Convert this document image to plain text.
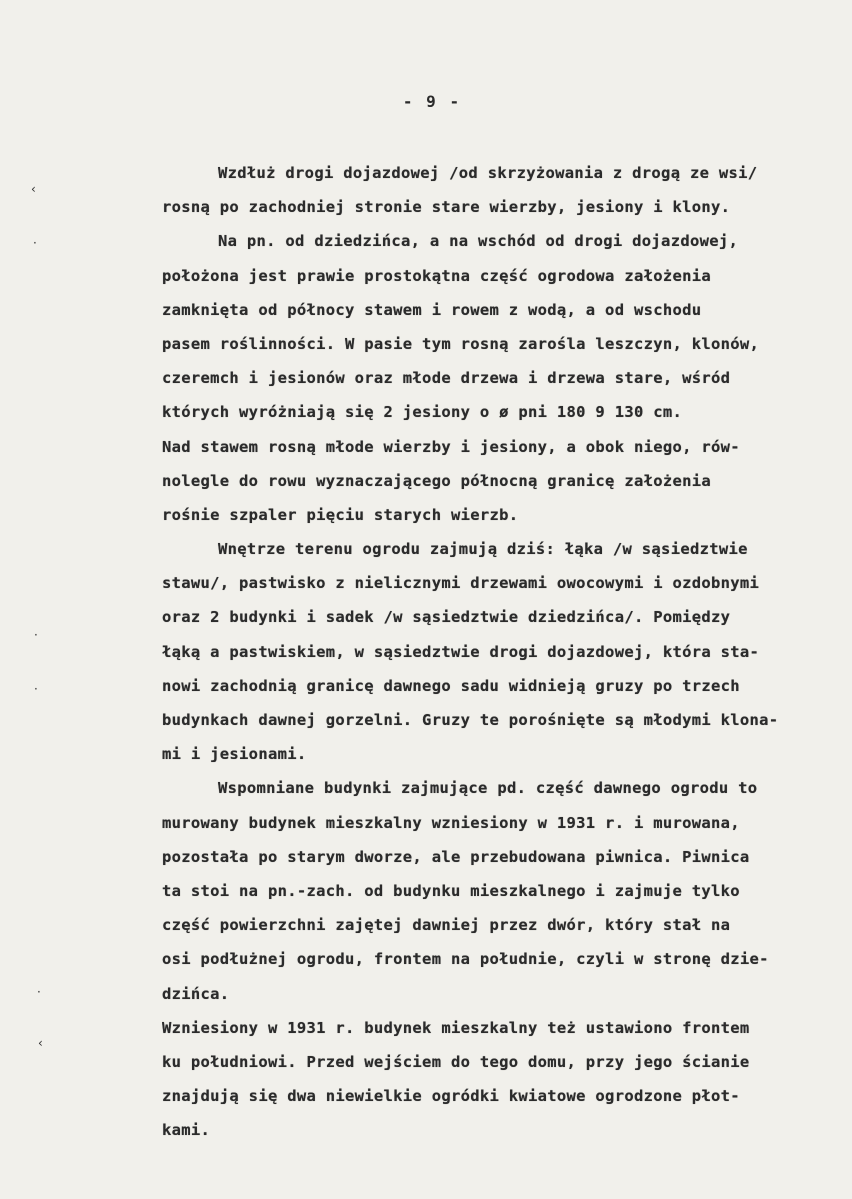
- 9 -
Wzdłuż drogi dojazdowej /od skrzyżowania z drogą ze wsi/
rosną po zachodniej stronie stare wierzby, jesiony i klony.
Na pn. od dziedzińca, a na wschód od drogi dojazdowej,
położona jest prawie prostokątna część ogrodowa założenia
zamknięta od północy stawem i rowem z wodą, a od wschodu
pasem roślinności. W pasie tym rosną zarośla leszczyn, klonów,
czeremch i jesionów oraz młode drzewa i drzewa stare, wśród
których wyróżniają się 2 jesiony o ø pni 180 9 130 cm.
Nad stawem rosną młode wierzby i jesiony, a obok niego, rów-
nolegle do rowu wyznaczającego północną granicę założenia
rośnie szpaler pięciu starych wierzb.
Wnętrze terenu ogrodu zajmują dziś: łąka /w sąsiedztwie
stawu/, pastwisko z nielicznymi drzewami owocowymi i ozdobnymi
oraz 2 budynki i sadek /w sąsiedztwie dziedzińca/. Pomiędzy
łąką a pastwiskiem, w sąsiedztwie drogi dojazdowej, która sta-
nowi zachodnią granicę dawnego sadu widnieją gruzy po trzech
budynkach dawnej gorzelni. Gruzy te porośnięte są młodymi klona-
mi i jesionami.
Wspomniane budynki zajmujące pd. część dawnego ogrodu to
murowany budynek mieszkalny wzniesiony w 1931 r. i murowana,
pozostała po starym dworze, ale przebudowana piwnica. Piwnica
ta stoi na pn.-zach. od budynku mieszkalnego i zajmuje tylko
część powierzchni zajętej dawniej przez dwór, który stał na
osi podłużnej ogrodu, frontem na południe, czyli w stronę dzie-
dzińca.
Wzniesiony w 1931 r. budynek mieszkalny też ustawiono frontem
ku południowi. Przed wejściem do tego domu, przy jego ścianie
znajdują się dwa niewielkie ogródki kwiatowe ogrodzone płot-
kami.
‹
·
·
·
·
‹
